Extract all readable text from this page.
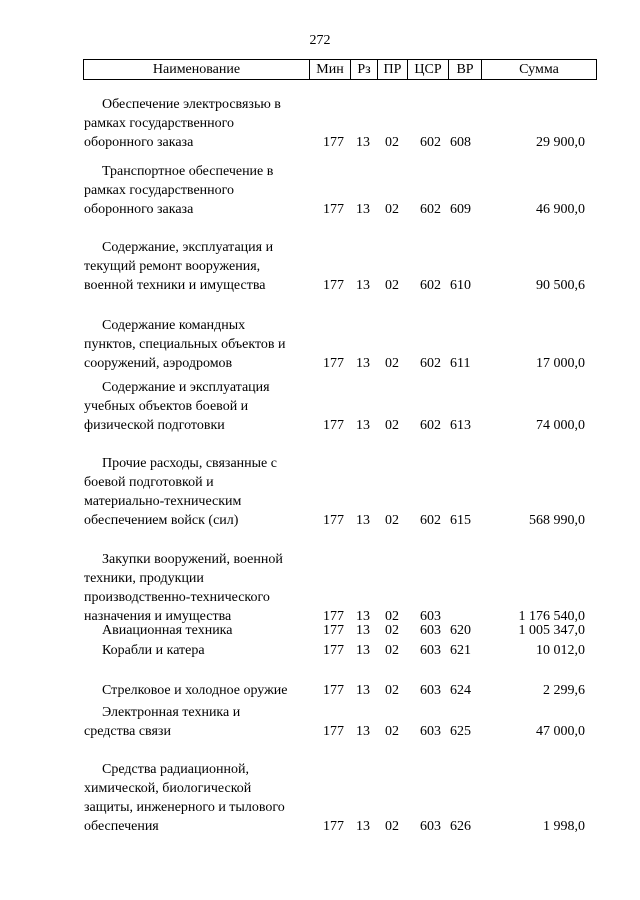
272
Наименование	Мин Рз ПР ЦСР	ВР	Сумма
Обеспечение электросвязью в
рамках государственного
оборонного заказа	177 13 02 602 608	29 900,0
Транспортное обеспечение в
рамках государственного
оборонного заказа	177 13 02 602 609	46 900,0
Содержание, эксплуатация и
текущий ремонт вооружения,
военной техники и имущества	177 13 02 602 610	90 500,6
Содержание командных
пунктов, специальных объектов и
сооружений, аэродромов	177 13 02 602 611	17 000,0
Содержание и эксплуатация
учебных объектов боевой и
физической подготовки	177 13 02 602 613	74 000,0
Прочие расходы, связанные с
боевой подготовкой и
материально-техническим
обеспечением войск (сил)	177 13 02 602 615	568 990,0
Закупки вооружений, военной
техники, продукции
производственно-технического
назначения и имущества	177 13 02 603	1 176 540,0
Авиационная техника	177 13 02 603 620	1 005 347,0
Корабли и катера	177 13 02 603 621	10 012,0
Стрелковое и холодное оружие	177 13 02 603 624	2 299,6
Электронная техника и
средства связи	177 13 02 603 625	47 000,0
Средства радиационной,
химической, биологической
защиты, инженерного и тылового
обеспечения	177 13 02 603 626	1 998,0
